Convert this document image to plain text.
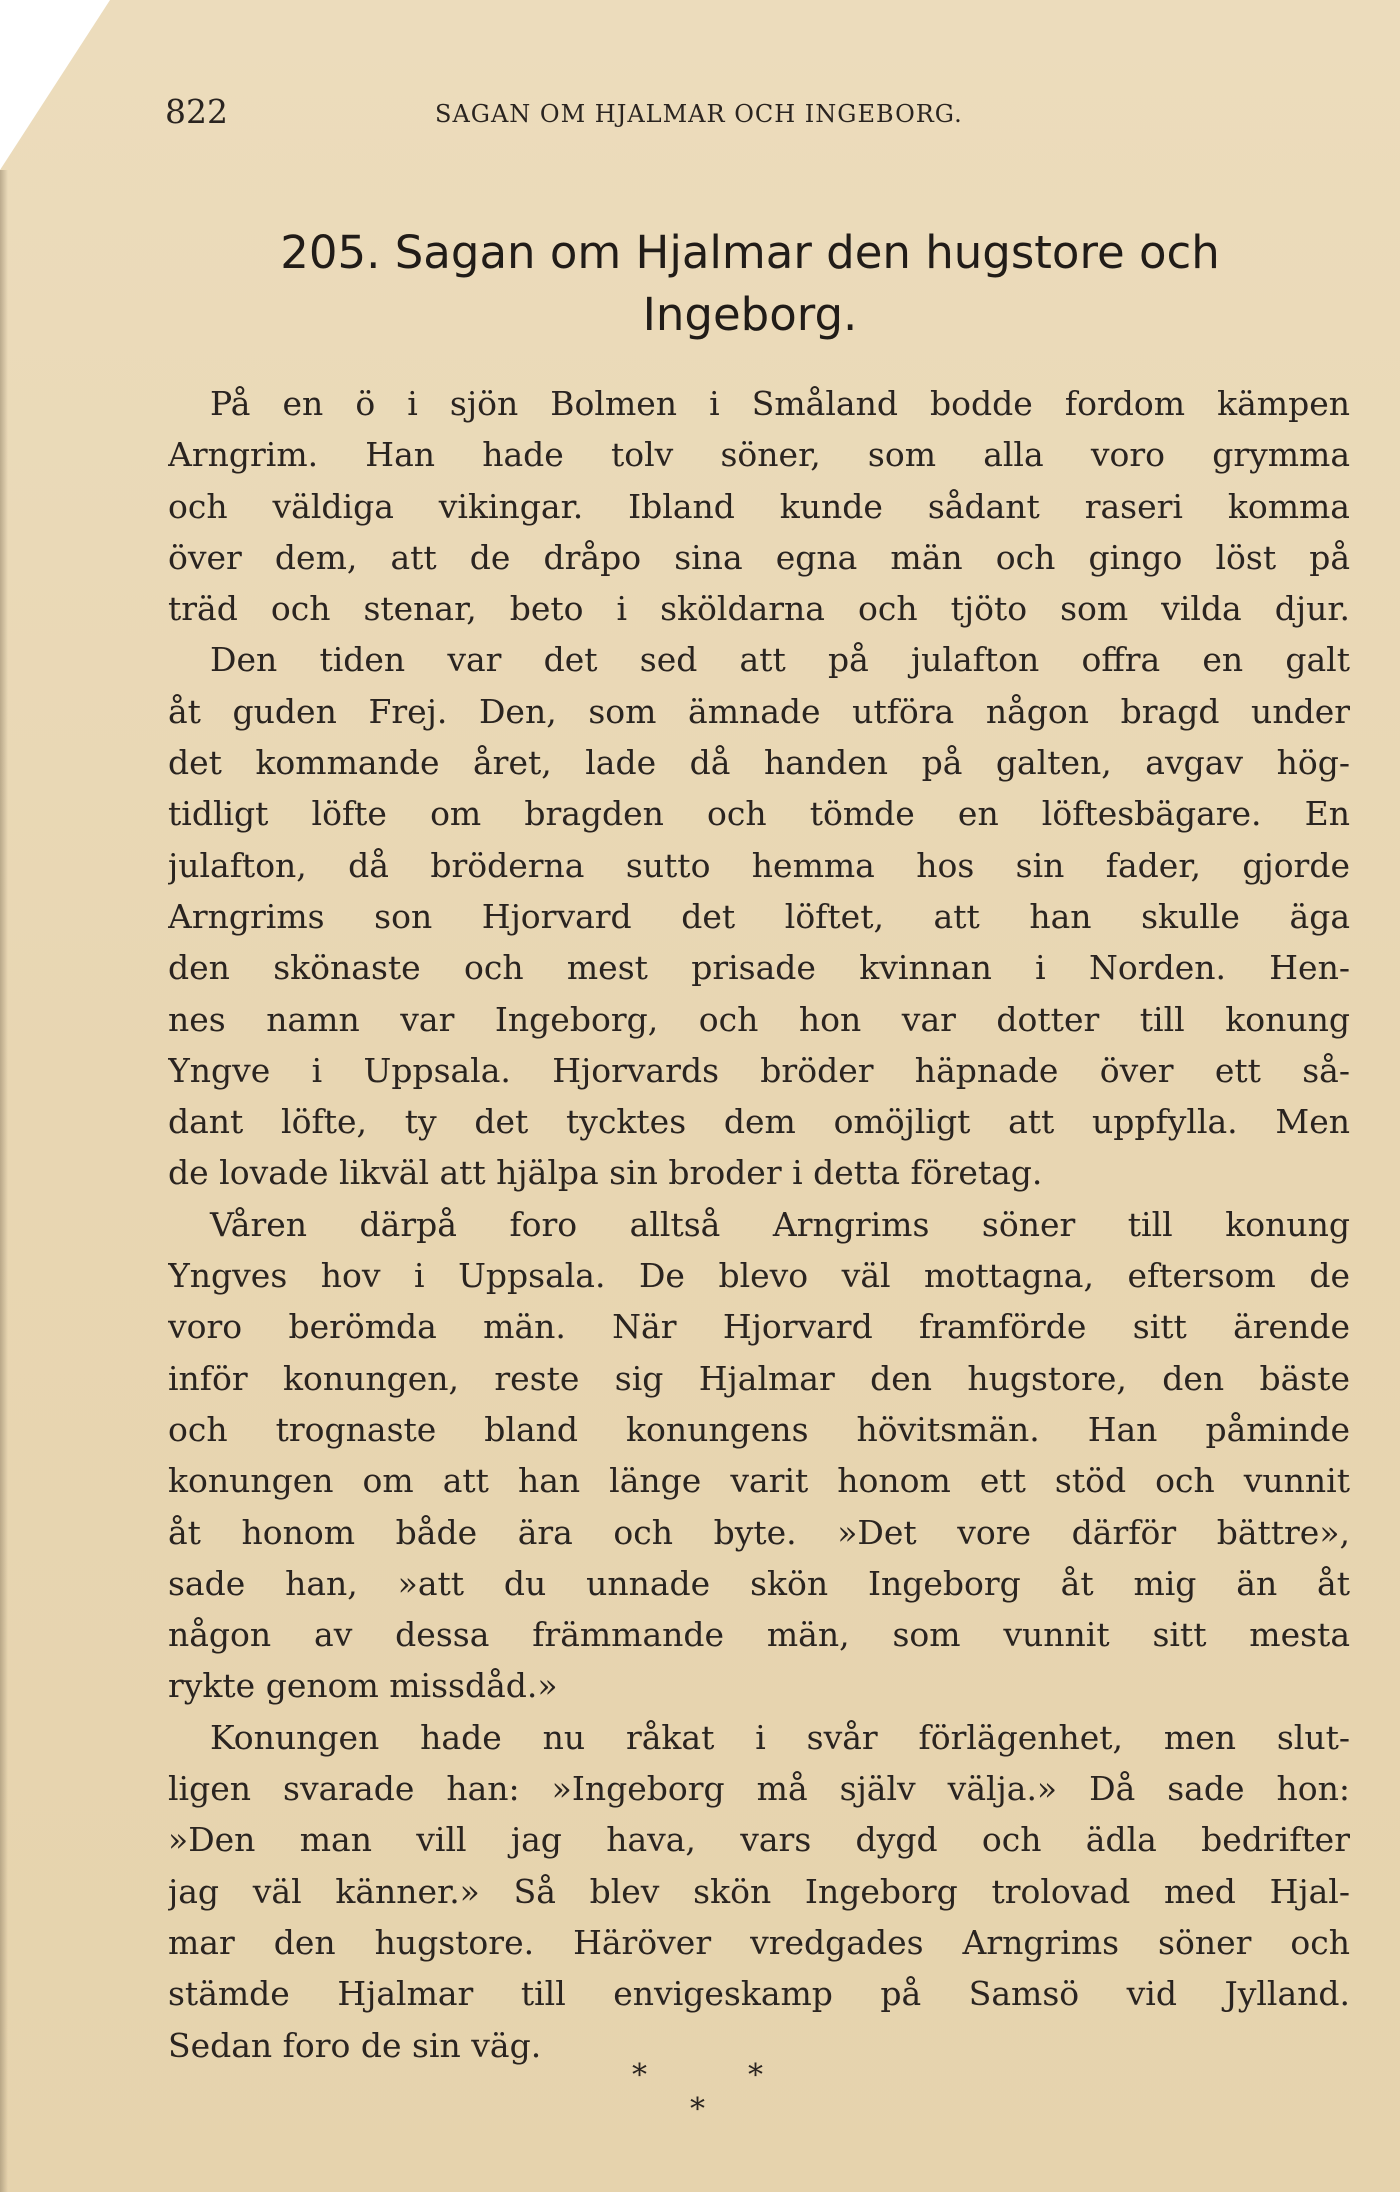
822	SAGAN OM HJALMAR OCH INGEBORG.
205. Sagan om Hjalmar den hugstore och
Ingeborg.
På en ö i sjön Bolmen i Småland bodde fordom kämpen
Arngrim. Han hade tolv söner, som alla voro grymma
och väldiga vikingar. Ibland kunde sådant raseri komma
över dem, att de dråpo sina egna män och gingo löst på
träd och stenar, beto i sköldarna och tjöto som vilda djur.
Den tiden var det sed att på julafton offra en galt
åt guden Frej. Den, som ämnade utföra någon bragd under
det kommande året, lade då handen på galten, avgav hög-
tidligt löfte om bragden och tömde en löftesbägare. En
julafton, då bröderna sutto hemma hos sin fader, gjorde
Arngrims son Hjorvard det löftet, att han skulle äga
den skönaste och mest prisade kvinnan i Norden. Hen-
nes namn var Ingeborg, och hon var dotter till konung
Yngve i Uppsala. Hjorvards bröder häpnade över ett så-
dant löfte, ty det tycktes dem omöjligt att uppfylla. Men
de lovade likväl att hjälpa sin broder i detta företag.
Våren därpå foro alltså Arngrims söner till konung
Yngves hov i Uppsala. De blevo väl mottagna, eftersom de
voro berömda män. När Hjorvard framförde sitt ärende
inför konungen, reste sig Hjalmar den hugstore, den bäste
och trognaste bland konungens hövitsmän. Han påminde
konungen om att han länge varit honom ett stöd och vunnit
åt honom både ära och byte. »Det vore därför bättre»,
sade han, »att du unnade skön Ingeborg åt mig än åt
någon av dessa främmande män, som vunnit sitt mesta
rykte genom missdåd.»
Konungen hade nu råkat i svår förlägenhet, men slut-
ligen svarade han: »Ingeborg må själv välja.» Då sade hon:
»Den man vill jag hava, vars dygd och ädla bedrifter
jag väl känner.» Så blev skön Ingeborg trolovad med Hjal-
mar den hugstore. Häröver vredgades Arngrims söner och
stämde Hjalmar till envigeskamp på Samsö vid Jylland.
Sedan foro de sin väg.
*	*
*
